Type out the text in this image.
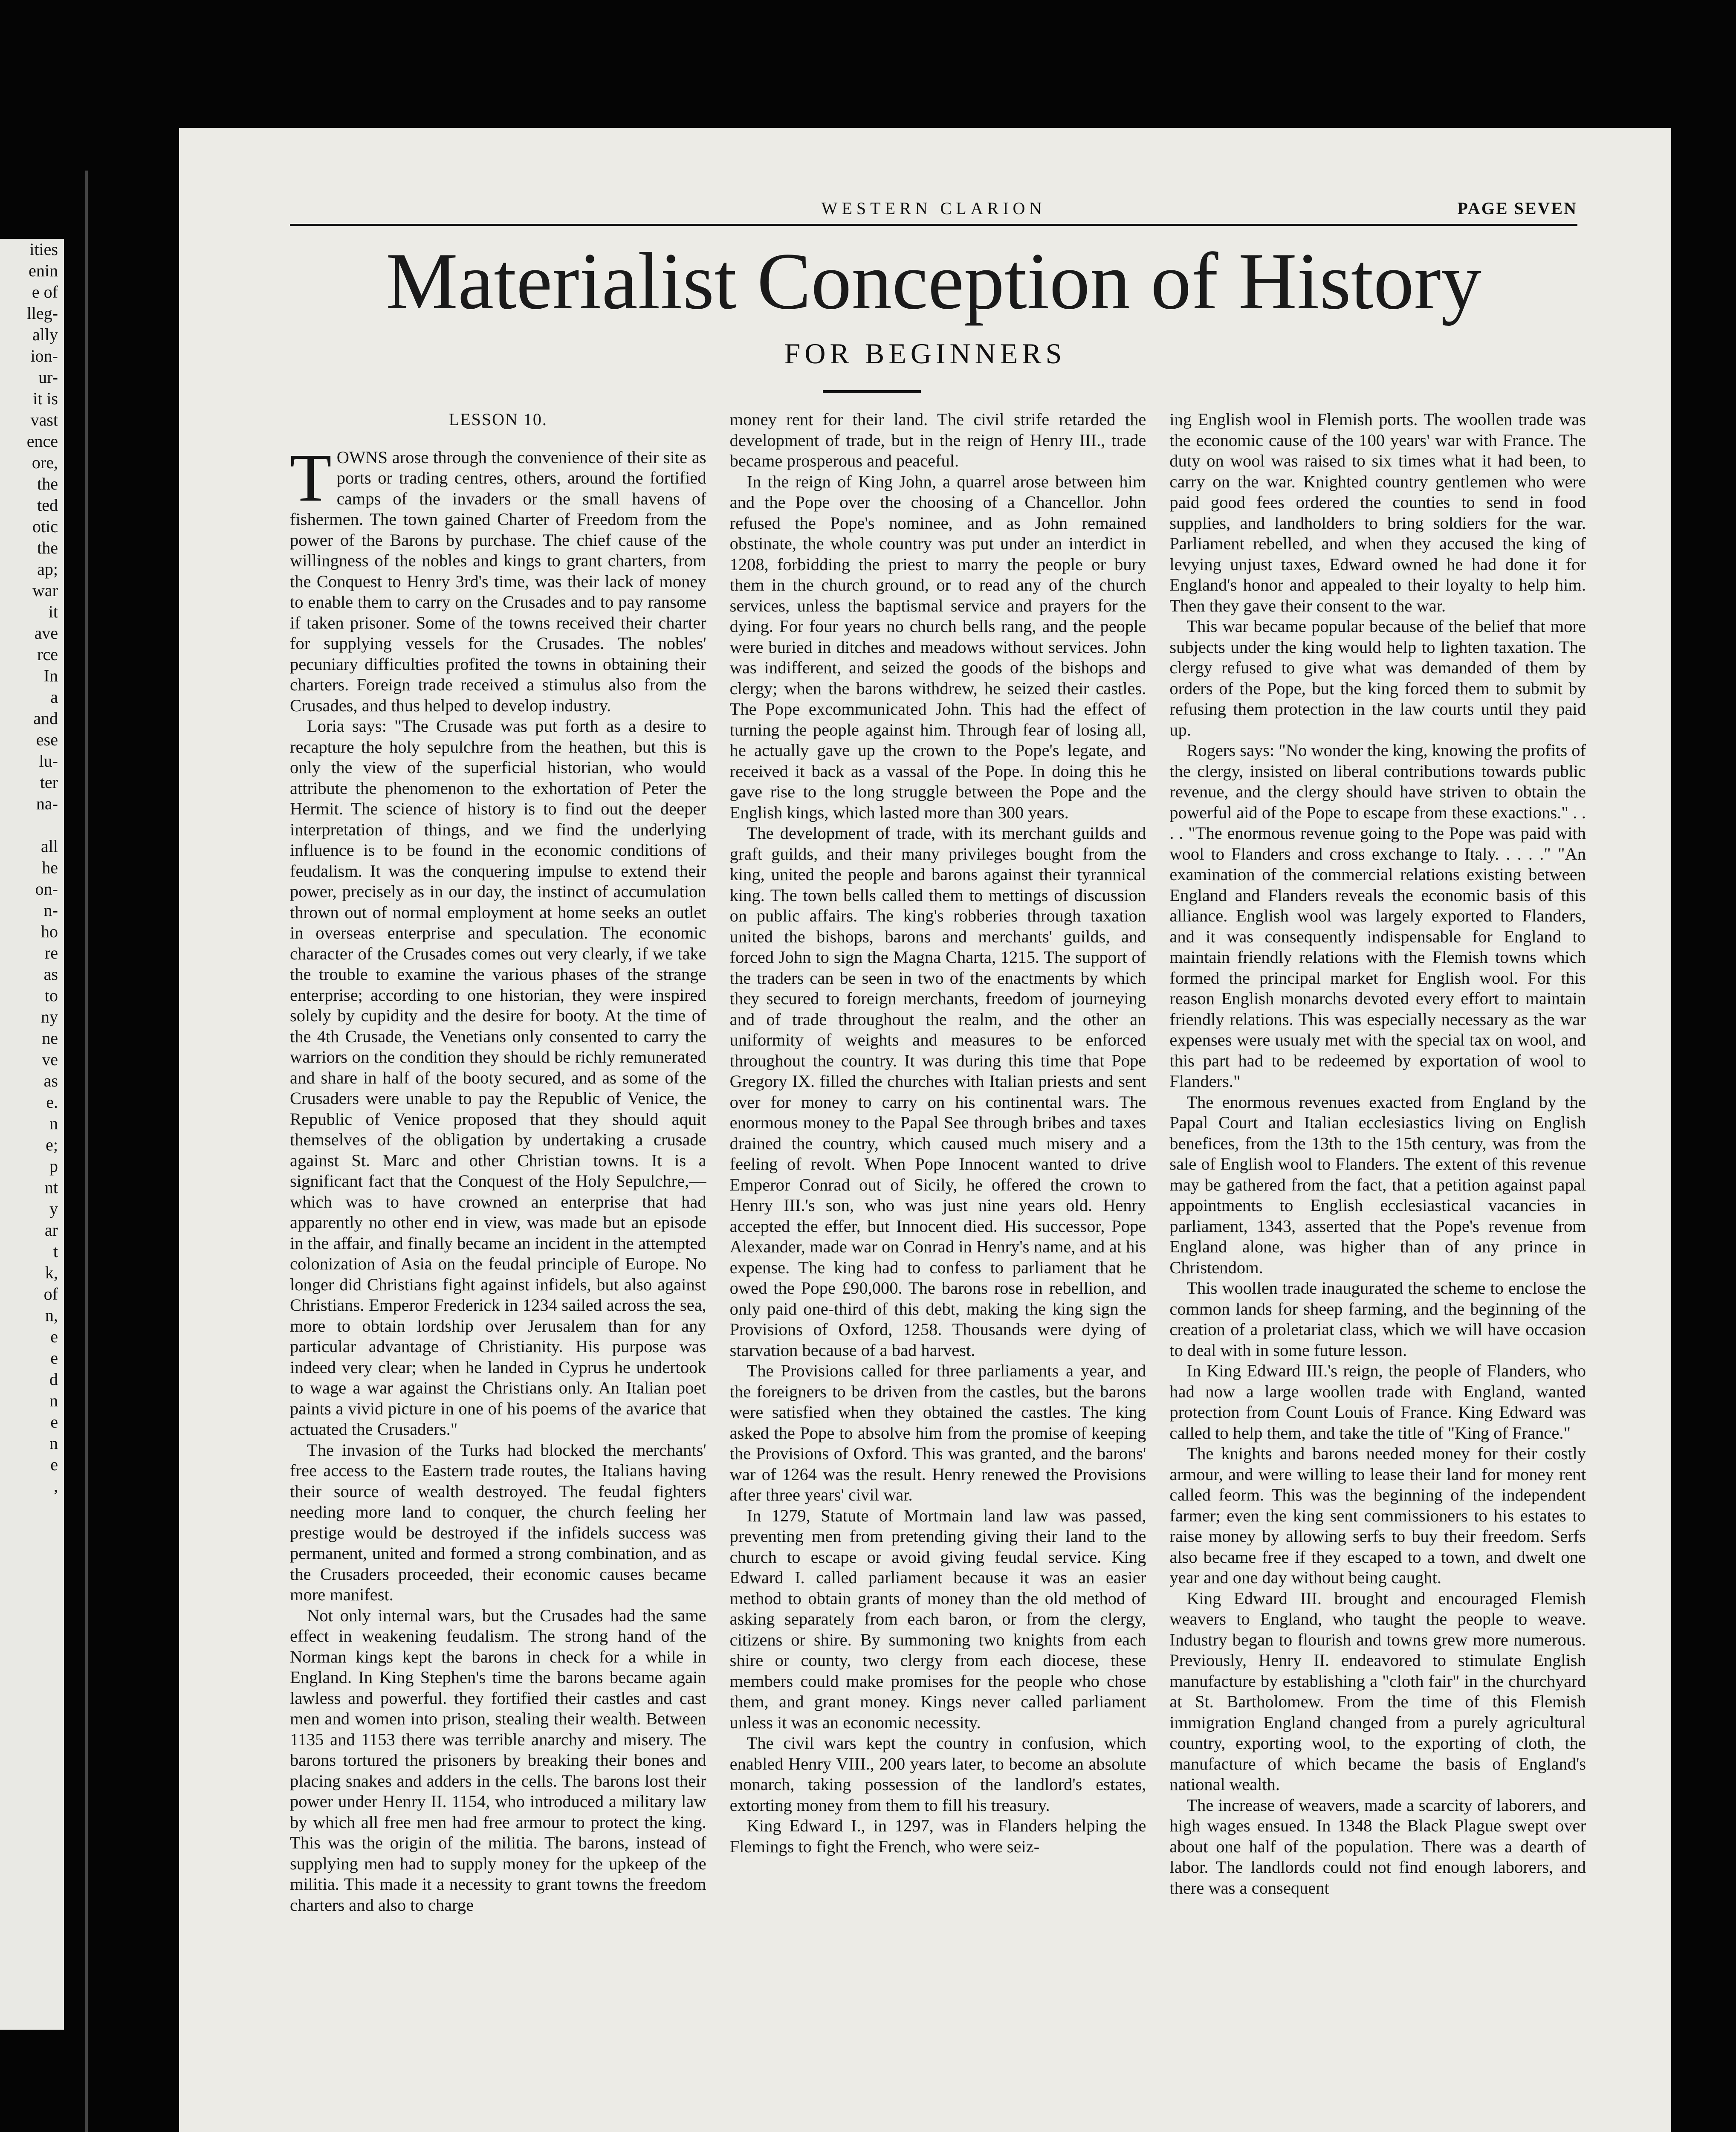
ities
enin
e of
lleg-
ally
ion-
ur-
it is
vast
ence
ore,
the
ted
otic
the
ap;
war
it
ave
rce
In
a
and
ese
lu-
ter
na-

all
he
on-
n-
ho
re
as
to
ny
ne
ve
as
e.
n
e;
p
nt
y
ar
t
k,
of
n,
e
e
d
n
e
n
e
,

WESTERN CLARION	PAGE SEVEN
Materialist Conception of History
FOR BEGINNERS
LESSON 10.

TOWNS arose through the convenience of their site as ports or trading centres, others, around the fortified camps of the invaders or the small havens of fishermen. The town gained Charter of Freedom from the power of the Barons by purchase. The chief cause of the willingness of the nobles and kings to grant charters, from the Conquest to Henry 3rd's time, was their lack of money to enable them to carry on the Crusades and to pay ransome if taken prisoner. Some of the towns received their charter for supplying vessels for the Crusades. The nobles' pecuniary difficulties profited the towns in obtaining their charters. Foreign trade received a stimulus also from the Crusades, and thus helped to develop industry.

Loria says: "The Crusade was put forth as a desire to recapture the holy sepulchre from the heathen, but this is only the view of the superficial historian, who would attribute the phenomenon to the exhortation of Peter the Hermit. The science of history is to find out the deeper interpretation of things, and we find the underlying influence is to be found in the economic conditions of feudalism. It was the conquering impulse to extend their power, precisely as in our day, the instinct of accumulation thrown out of normal employment at home seeks an outlet in overseas enterprise and speculation. The economic character of the Crusades comes out very clearly, if we take the trouble to examine the various phases of the strange enterprise; according to one historian, they were inspired solely by cupidity and the desire for booty. At the time of the 4th Crusade, the Venetians only consented to carry the warriors on the condition they should be richly remunerated and share in half of the booty secured, and as some of the Crusaders were unable to pay the Republic of Venice, the Republic of Venice proposed that they should aquit themselves of the obligation by undertaking a crusade against St. Marc and other Christian towns. It is a significant fact that the Conquest of the Holy Sepulchre,—which was to have crowned an enterprise that had apparently no other end in view, was made but an episode in the affair, and finally became an incident in the attempted colonization of Asia on the feudal principle of Europe. No longer did Christians fight against infidels, but also against Christians. Emperor Frederick in 1234 sailed across the sea, more to obtain lordship over Jerusalem than for any particular advantage of Christianity. His purpose was indeed very clear; when he landed in Cyprus he undertook to wage a war against the Christians only. An Italian poet paints a vivid picture in one of his poems of the avarice that actuated the Crusaders."

The invasion of the Turks had blocked the merchants' free access to the Eastern trade routes, the Italians having their source of wealth destroyed. The feudal fighters needing more land to conquer, the church feeling her prestige would be destroyed if the infidels success was permanent, united and formed a strong combination, and as the Crusaders proceeded, their economic causes became more manifest.

Not only internal wars, but the Crusades had the same effect in weakening feudalism. The strong hand of the Norman kings kept the barons in check for a while in England. In King Stephen's time the barons became again lawless and powerful. they fortified their castles and cast men and women into prison, stealing their wealth. Between 1135 and 1153 there was terrible anarchy and misery. The barons tortured the prisoners by breaking their bones and placing snakes and adders in the cells. The barons lost their power under Henry II. 1154, who introduced a military law by which all free men had free armour to protect the king. This was the origin of the militia. The barons, instead of supplying men had to supply money for the upkeep of the militia. This made it a necessity to grant towns the freedom charters and also to charge

money rent for their land. The civil strife retarded the development of trade, but in the reign of Henry III., trade became prosperous and peaceful.

In the reign of King John, a quarrel arose between him and the Pope over the choosing of a Chancellor. John refused the Pope's nominee, and as John remained obstinate, the whole country was put under an interdict in 1208, forbidding the priest to marry the people or bury them in the church ground, or to read any of the church services, unless the baptismal service and prayers for the dying. For four years no church bells rang, and the people were buried in ditches and meadows without services. John was indifferent, and seized the goods of the bishops and clergy; when the barons withdrew, he seized their castles. The Pope excommunicated John. This had the effect of turning the people against him. Through fear of losing all, he actually gave up the crown to the Pope's legate, and received it back as a vassal of the Pope. In doing this he gave rise to the long struggle between the Pope and the English kings, which lasted more than 300 years.

The development of trade, with its merchant guilds and graft guilds, and their many privileges bought from the king, united the people and barons against their tyrannical king. The town bells called them to mettings of discussion on public affairs. The king's robberies through taxation united the bishops, barons and merchants' guilds, and forced John to sign the Magna Charta, 1215. The support of the traders can be seen in two of the enactments by which they secured to foreign merchants, freedom of journeying and of trade throughout the realm, and the other an uniformity of weights and measures to be enforced throughout the country. It was during this time that Pope Gregory IX. filled the churches with Italian priests and sent over for money to carry on his continental wars. The enormous money to the Papal See through bribes and taxes drained the country, which caused much misery and a feeling of revolt. When Pope Innocent wanted to drive Emperor Conrad out of Sicily, he offered the crown to Henry III.'s son, who was just nine years old. Henry accepted the effer, but Innocent died. His successor, Pope Alexander, made war on Conrad in Henry's name, and at his expense. The king had to confess to parliament that he owed the Pope £90,000. The barons rose in rebellion, and only paid one-third of this debt, making the king sign the Provisions of Oxford, 1258. Thousands were dying of starvation because of a bad harvest.

The Provisions called for three parliaments a year, and the foreigners to be driven from the castles, but the barons were satisfied when they obtained the castles. The king asked the Pope to absolve him from the promise of keeping the Provisions of Oxford. This was granted, and the barons' war of 1264 was the result. Henry renewed the Provisions after three years' civil war.

In 1279, Statute of Mortmain land law was passed, preventing men from pretending giving their land to the church to escape or avoid giving feudal service. King Edward I. called parliament because it was an easier method to obtain grants of money than the old method of asking separately from each baron, or from the clergy, citizens or shire. By summoning two knights from each shire or county, two clergy from each diocese, these members could make promises for the people who chose them, and grant money. Kings never called parliament unless it was an economic necessity.

The civil wars kept the country in confusion, which enabled Henry VIII., 200 years later, to become an absolute monarch, taking possession of the landlord's estates, extorting money from them to fill his treasury.

King Edward I., in 1297, was in Flanders helping the Flemings to fight the French, who were seiz-

ing English wool in Flemish ports. The woollen trade was the economic cause of the 100 years' war with France. The duty on wool was raised to six times what it had been, to carry on the war. Knighted country gentlemen who were paid good fees ordered the counties to send in food supplies, and landholders to bring soldiers for the war. Parliament rebelled, and when they accused the king of levying unjust taxes, Edward owned he had done it for England's honor and appealed to their loyalty to help him. Then they gave their consent to the war.

This war became popular because of the belief that more subjects under the king would help to lighten taxation. The clergy refused to give what was demanded of them by orders of the Pope, but the king forced them to submit by refusing them protection in the law courts until they paid up.

Rogers says: "No wonder the king, knowing the profits of the clergy, insisted on liberal contributions towards public revenue, and the clergy should have striven to obtain the powerful aid of the Pope to escape from these exactions." . . . . "The enormous revenue going to the Pope was paid with wool to Flanders and cross exchange to Italy. . . . ." "An examination of the commercial relations existing between England and Flanders reveals the economic basis of this alliance. English wool was largely exported to Flanders, and it was consequently indispensable for England to maintain friendly relations with the Flemish towns which formed the principal market for English wool. For this reason English monarchs devoted every effort to maintain friendly relations. This was especially necessary as the war expenses were usualy met with the special tax on wool, and this part had to be redeemed by exportation of wool to Flanders."

The enormous revenues exacted from England by the Papal Court and Italian ecclesiastics living on English benefices, from the 13th to the 15th century, was from the sale of English wool to Flanders. The extent of this revenue may be gathered from the fact, that a petition against papal appointments to English ecclesiastical vacancies in parliament, 1343, asserted that the Pope's revenue from England alone, was higher than of any prince in Christendom.

This woollen trade inaugurated the scheme to enclose the common lands for sheep farming, and the beginning of the creation of a proletariat class, which we will have occasion to deal with in some future lesson.

In King Edward III.'s reign, the people of Flanders, who had now a large woollen trade with England, wanted protection from Count Louis of France. King Edward was called to help them, and take the title of "King of France."

The knights and barons needed money for their costly armour, and were willing to lease their land for money rent called feorm. This was the beginning of the independent farmer; even the king sent commissioners to his estates to raise money by allowing serfs to buy their freedom. Serfs also became free if they escaped to a town, and dwelt one year and one day without being caught.

King Edward III. brought and encouraged Flemish weavers to England, who taught the people to weave. Industry began to flourish and towns grew more numerous. Previously, Henry II. endeavored to stimulate English manufacture by establishing a "cloth fair" in the churchyard at St. Bartholomew. From the time of this Flemish immigration England changed from a purely agricultural country, exporting wool, to the exporting of cloth, the manufacture of which became the basis of England's national wealth.

The increase of weavers, made a scarcity of laborers, and high wages ensued. In 1348 the Black Plague swept over about one half of the population. There was a dearth of labor. The landlords could not find enough laborers, and there was a consequent
